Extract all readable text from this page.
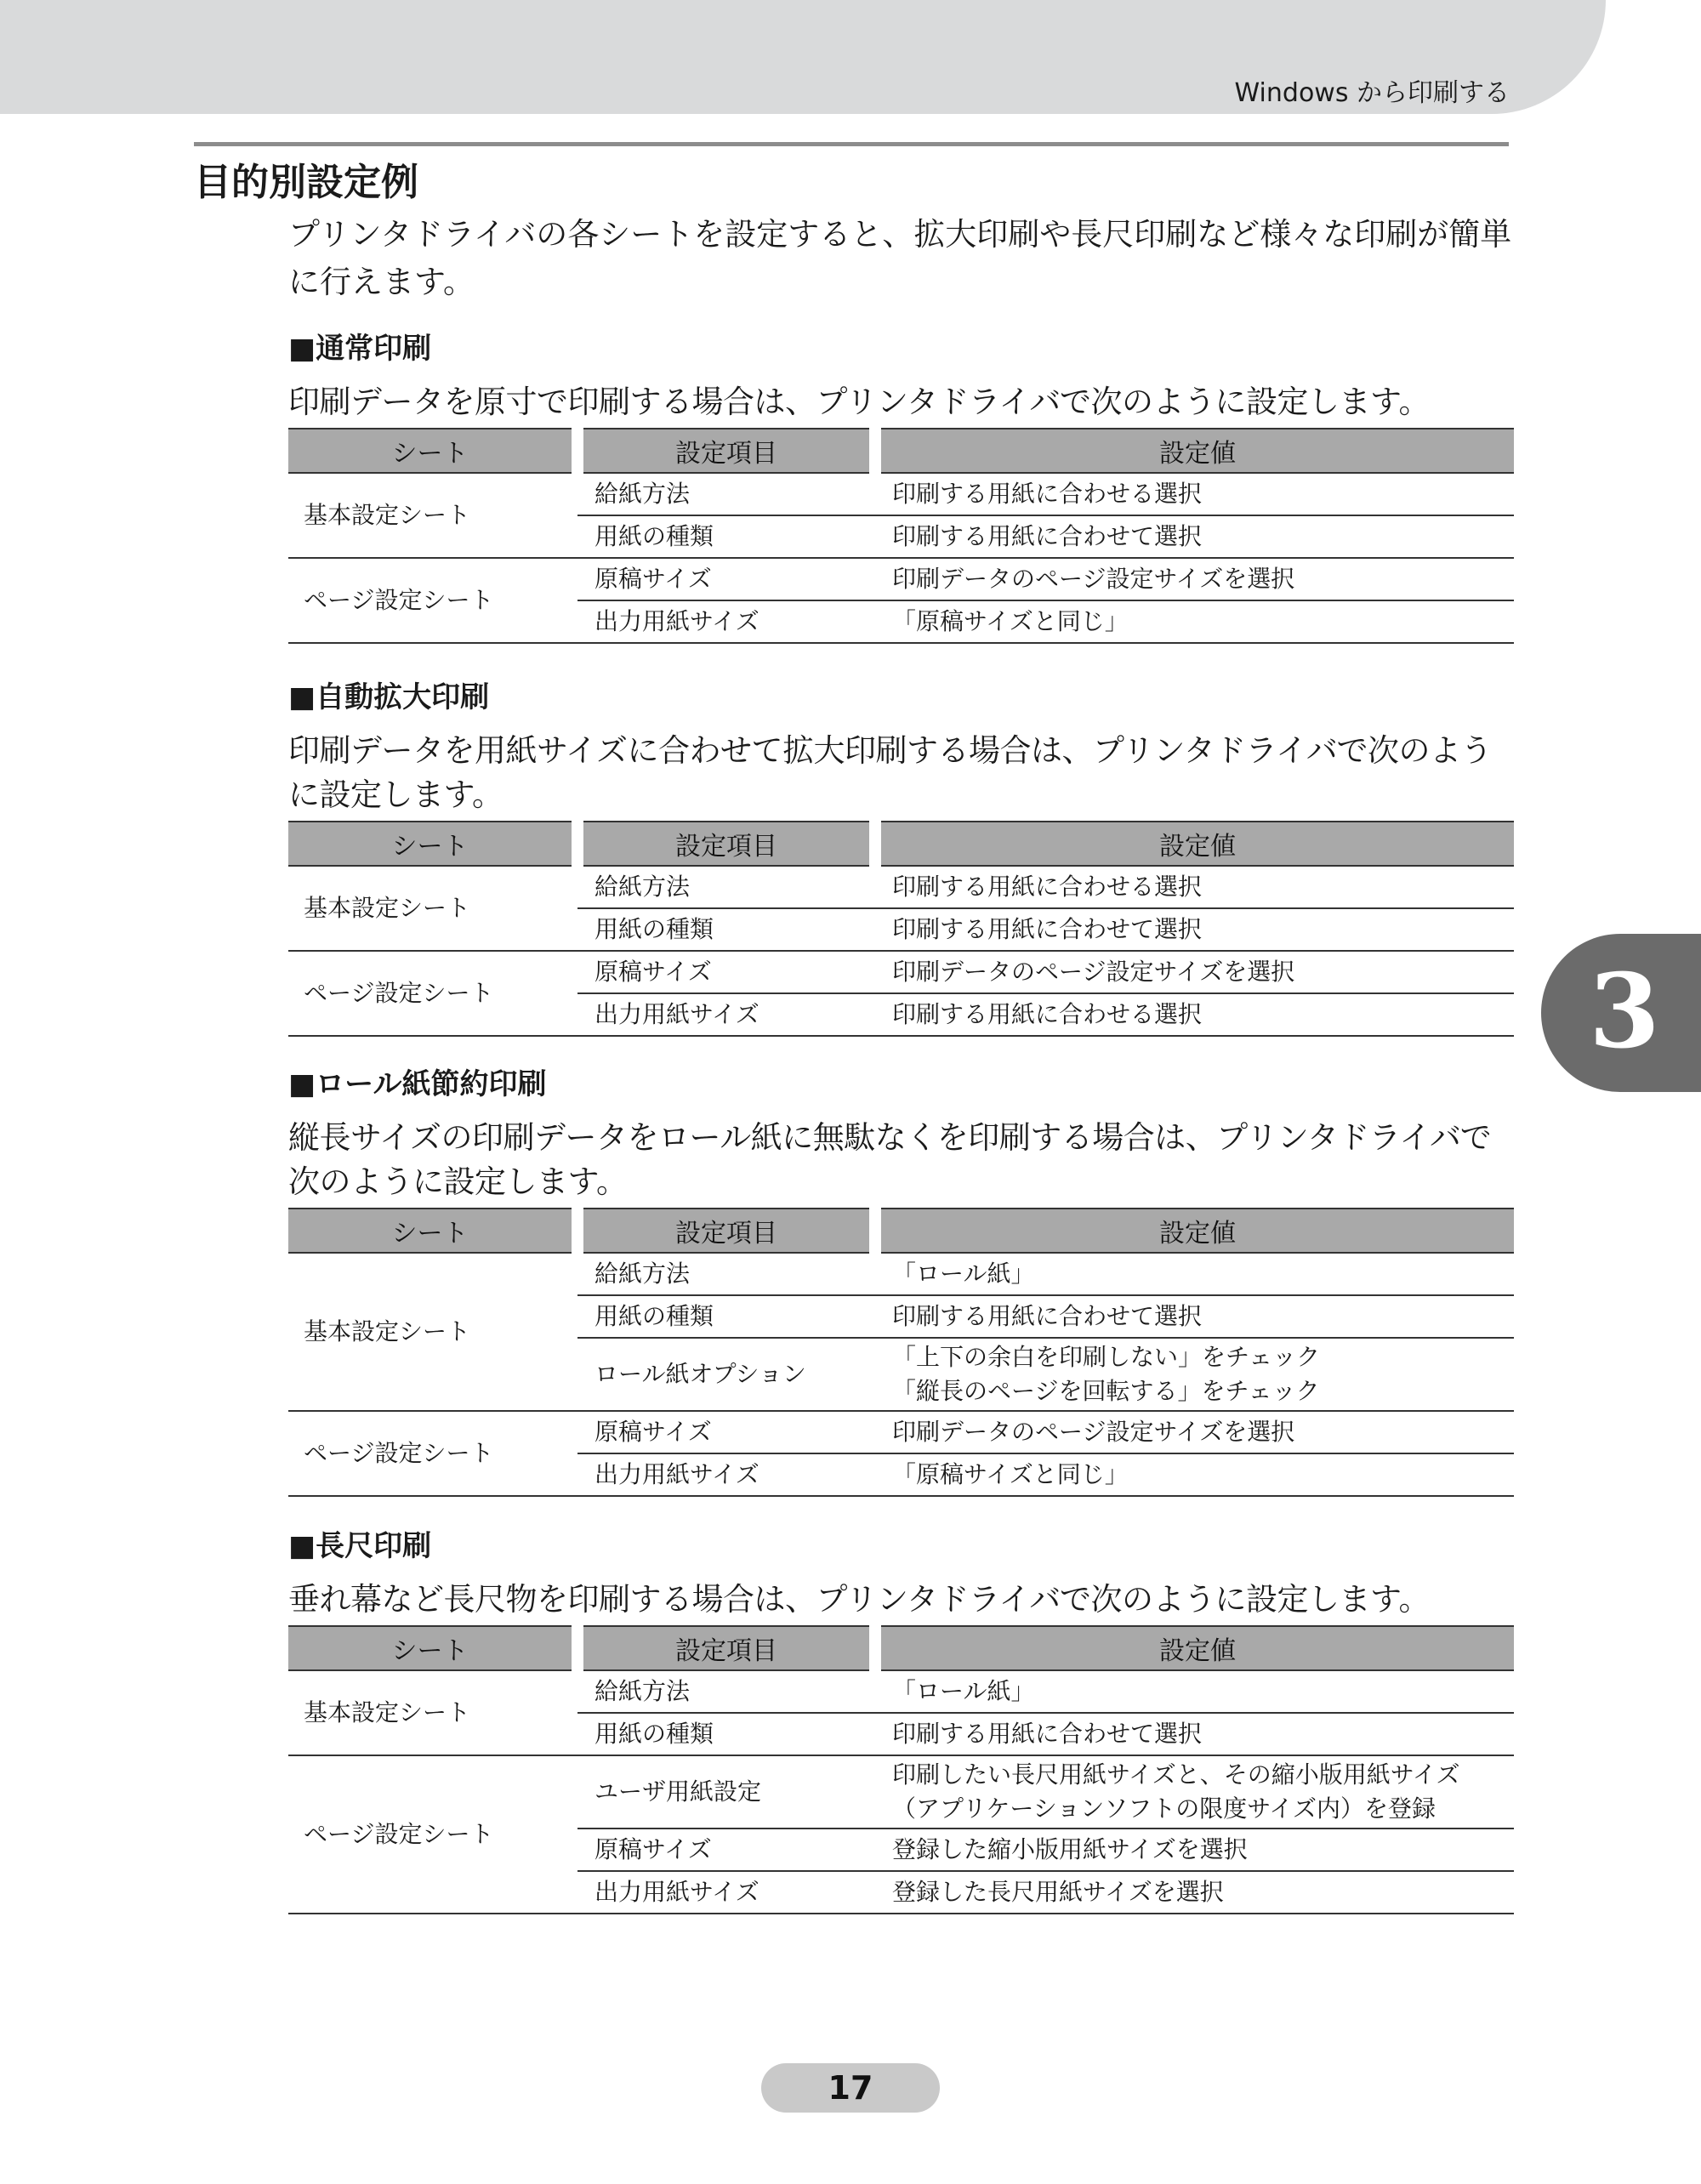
Windows から印刷する
目的別設定例

プリンタドライバの各シートを設定すると、拡大印刷や長尺印刷など様々な印刷が簡単に行えます。

■通常印刷

印刷データを原寸で印刷する場合は、プリンタドライバで次のように設定します。

シート	設定項目	設定値
基本設定シート	給紙方法	印刷する用紙に合わせる選択
	用紙の種類	印刷する用紙に合わせて選択
ページ設定シート	原稿サイズ	印刷データのページ設定サイズを選択
	出力用紙サイズ	「原稿サイズと同じ」
■自動拡大印刷

印刷データを用紙サイズに合わせて拡大印刷する場合は、プリンタドライバで次のように設定します。

シート	設定項目	設定値
基本設定シート	給紙方法	印刷する用紙に合わせる選択
	用紙の種類	印刷する用紙に合わせて選択
ページ設定シート	原稿サイズ	印刷データのページ設定サイズを選択
	出力用紙サイズ	印刷する用紙に合わせる選択
■ロール紙節約印刷

縦長サイズの印刷データをロール紙に無駄なくを印刷する場合は、プリンタドライバで次のように設定します。

シート	設定項目	設定値
基本設定シート	給紙方法	「ロール紙」
	用紙の種類	印刷する用紙に合わせて選択
	ロール紙オプション	「上下の余白を印刷しない」をチェック
「縦長のページを回転する」をチェック

ページ設定シート	原稿サイズ	印刷データのページ設定サイズを選択
	出力用紙サイズ	「原稿サイズと同じ」
■長尺印刷

垂れ幕など長尺物を印刷する場合は、プリンタドライバで次のように設定します。

シート	設定項目	設定値
基本設定シート	給紙方法	「ロール紙」
	用紙の種類	印刷する用紙に合わせて選択
ページ設定シート	ユーザ用紙設定	印刷したい長尺用紙サイズと、その縮小版用紙サイズ
（アプリケーションソフトの限度サイズ内）を登録

	原稿サイズ	登録した縮小版用紙サイズを選択
	出力用紙サイズ	登録した長尺用紙サイズを選択
3
17
